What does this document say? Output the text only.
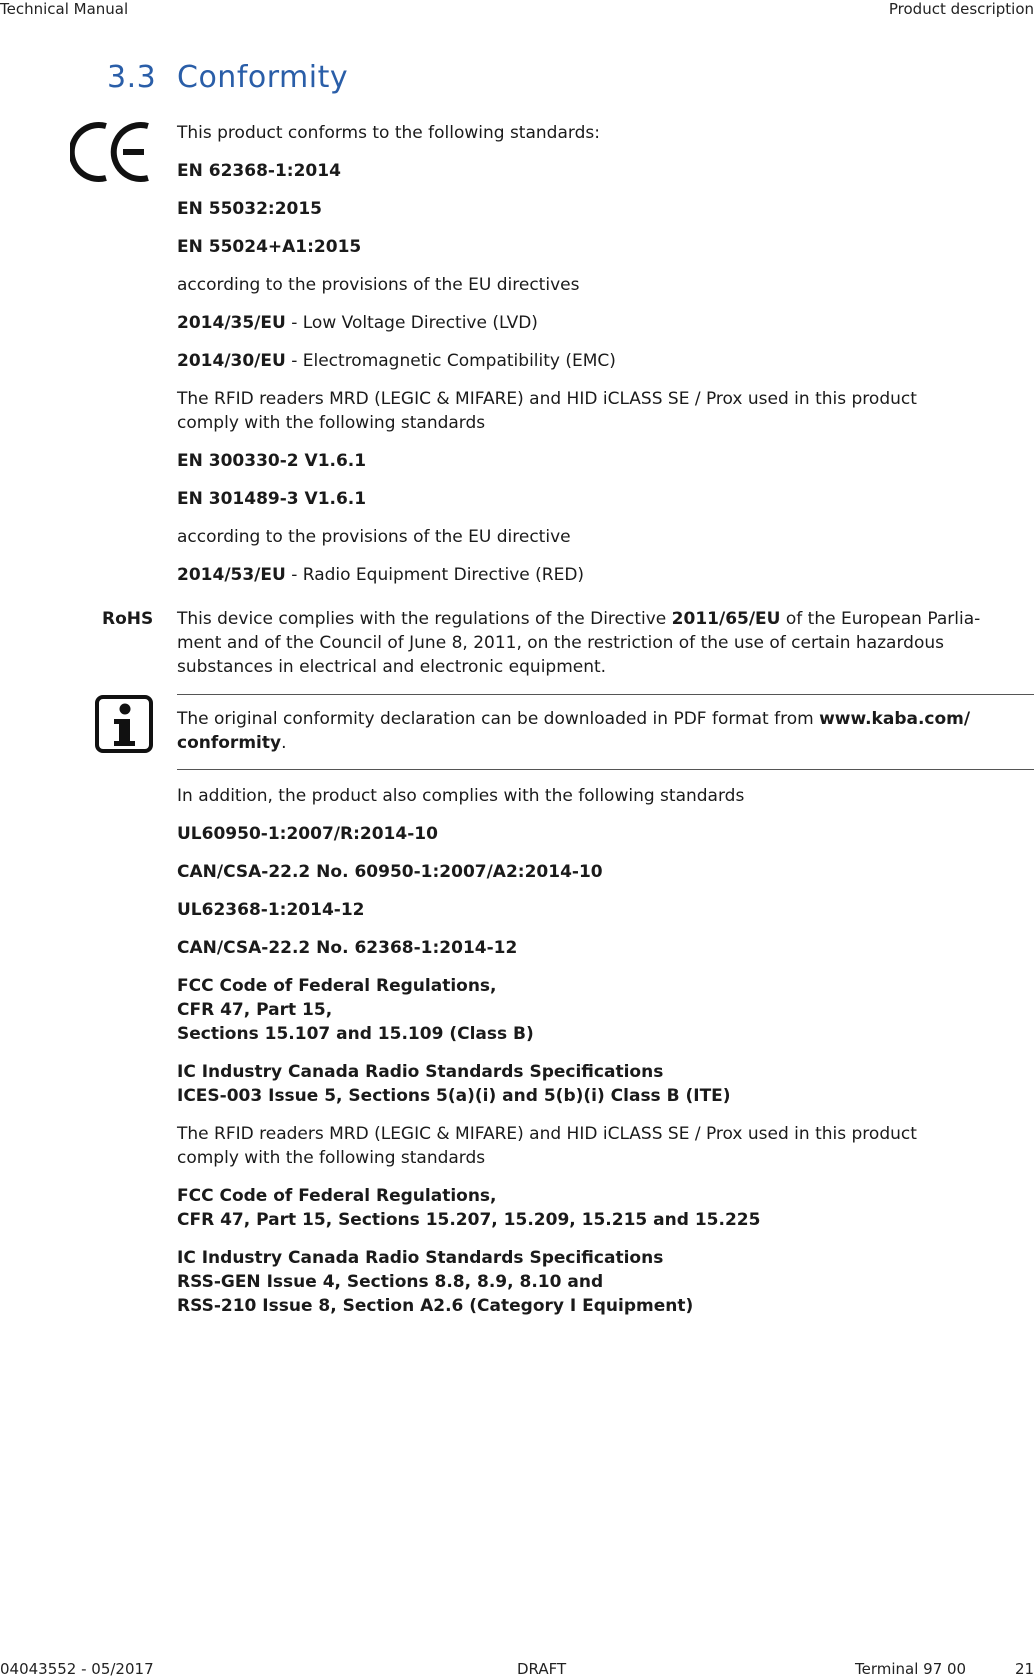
Technical Manual	Product description
3.3 Conformity

This product conforms to the following standards:

EN 62368-1:2014

EN 55032:2015

EN 55024+A1:2015

according to the provisions of the EU directives

2014/35/EU - Low Voltage Directive (LVD)

2014/30/EU - Electromagnetic Compatibility (EMC)

The RFID readers MRD (LEGIC & MIFARE) and HID iCLASS SE / Prox used in this product
comply with the following standards

EN 300330-2 V1.6.1

EN 301489-3 V1.6.1

according to the provisions of the EU directive

2014/53/EU - Radio Equipment Directive (RED)

RoHS This device complies with the regulations of the Directive 2011/65/EU of the European Parlia-
ment and of the Council of June 8, 2011, on the restriction of the use of certain hazardous
substances in electrical and electronic equipment.
The original conformity declaration can be downloaded in PDF format from www.kaba.com/
conformity.

In addition, the product also complies with the following standards

UL60950-1:2007/R:2014-10

CAN/CSA-22.2 No. 60950-1:2007/A2:2014-10

UL62368-1:2014-12

CAN/CSA-22.2 No. 62368-1:2014-12

FCC Code of Federal Regulations,
CFR 47, Part 15,
Sections 15.107 and 15.109 (Class B)

IC Industry Canada Radio Standards Specifications
ICES-003 Issue 5, Sections 5(a)(i) and 5(b)(i) Class B (ITE)

The RFID readers MRD (LEGIC & MIFARE) and HID iCLASS SE / Prox used in this product
comply with the following standards

FCC Code of Federal Regulations,
CFR 47, Part 15, Sections 15.207, 15.209, 15.215 and 15.225

IC Industry Canada Radio Standards Specifications
RSS-GEN Issue 4, Sections 8.8, 8.9, 8.10 and
RSS-210 Issue 8, Section A2.6 (Category I Equipment)

04043552 - 05/2017	DRAFT	Terminal 97 00	21
